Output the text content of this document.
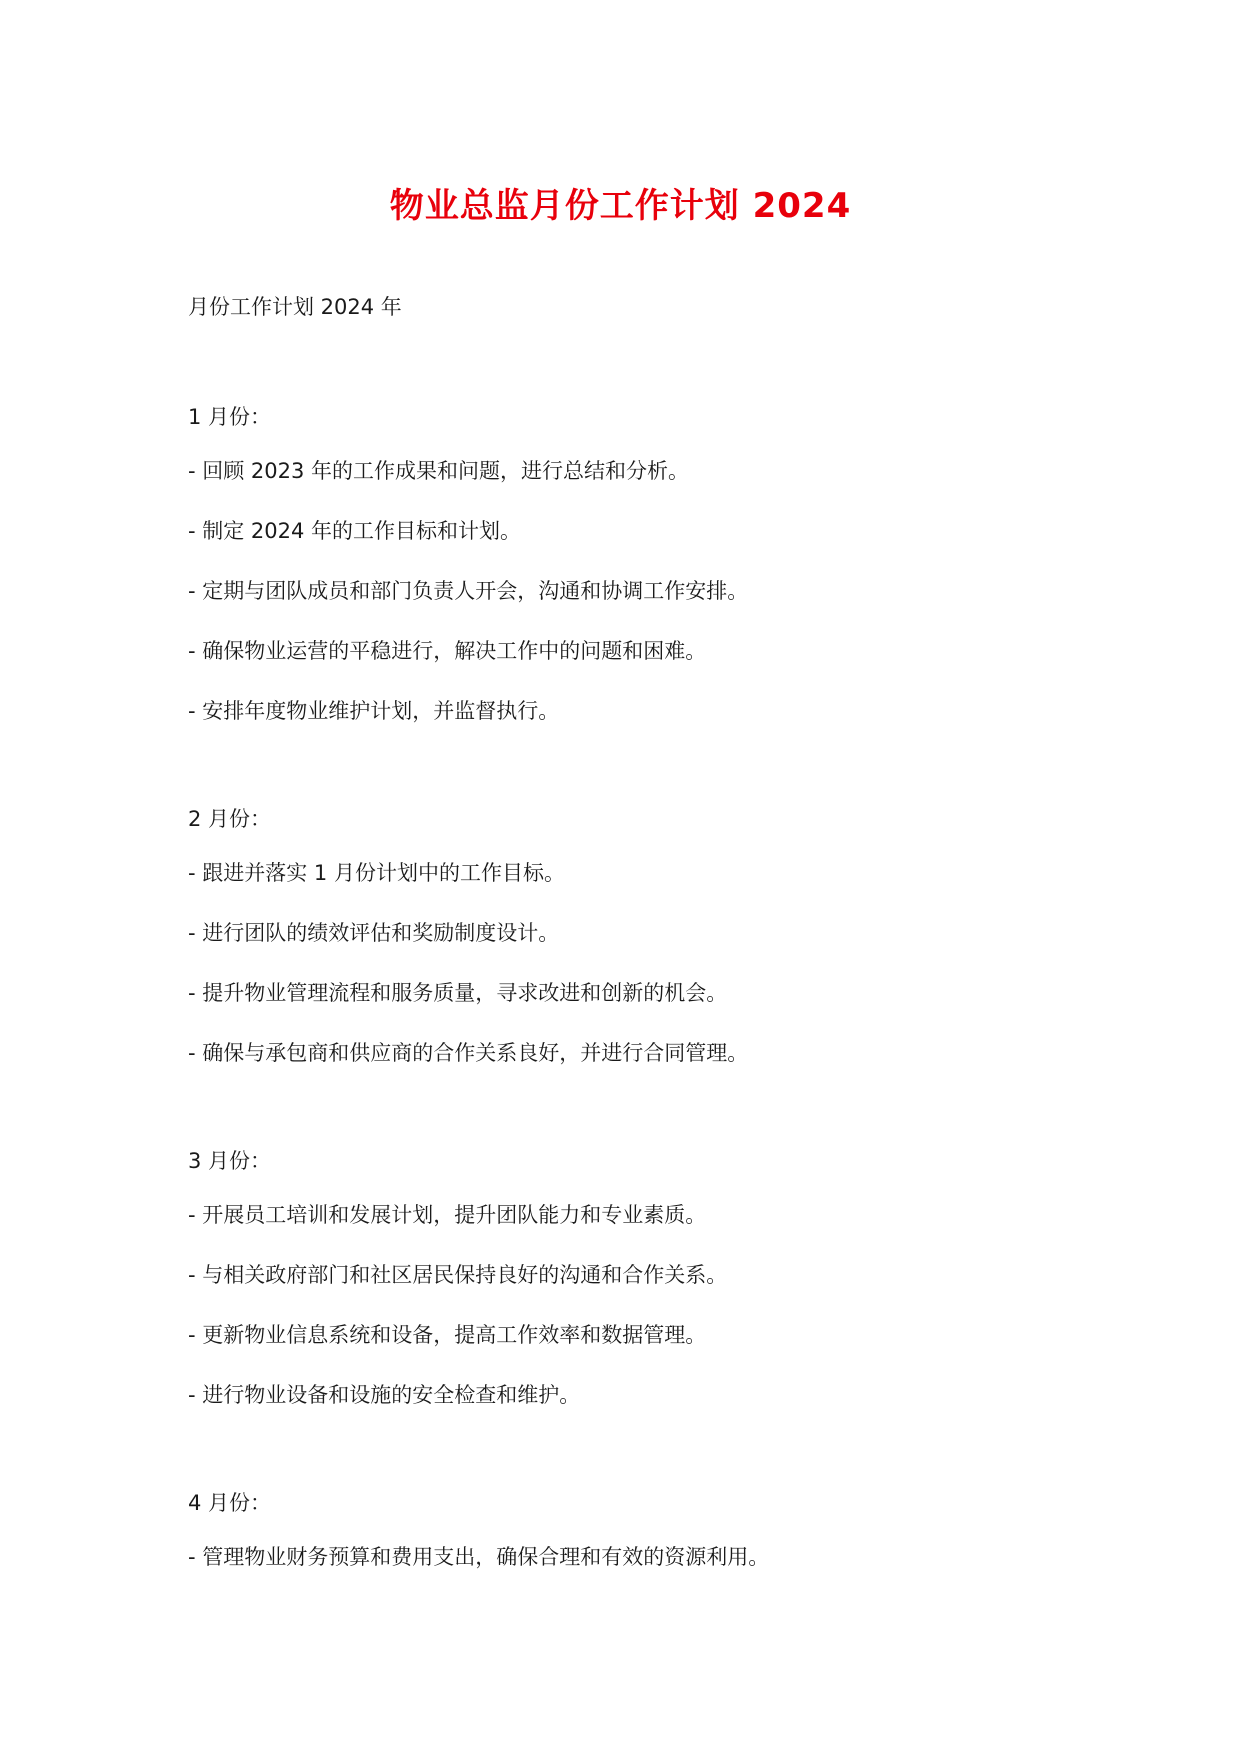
物业总监月份工作计划 2024

月份工作计划 2024 年

1 月份：

- 回顾 2023 年的工作成果和问题，进行总结和分析。

- 制定 2024 年的工作目标和计划。

- 定期与团队成员和部门负责人开会，沟通和协调工作安排。

- 确保物业运营的平稳进行，解决工作中的问题和困难。

- 安排年度物业维护计划，并监督执行。

2 月份：

- 跟进并落实 1 月份计划中的工作目标。

- 进行团队的绩效评估和奖励制度设计。

- 提升物业管理流程和服务质量，寻求改进和创新的机会。

- 确保与承包商和供应商的合作关系良好，并进行合同管理。

3 月份：

- 开展员工培训和发展计划，提升团队能力和专业素质。

- 与相关政府部门和社区居民保持良好的沟通和合作关系。

- 更新物业信息系统和设备，提高工作效率和数据管理。

- 进行物业设备和设施的安全检查和维护。

4 月份：

- 管理物业财务预算和费用支出，确保合理和有效的资源利用。
